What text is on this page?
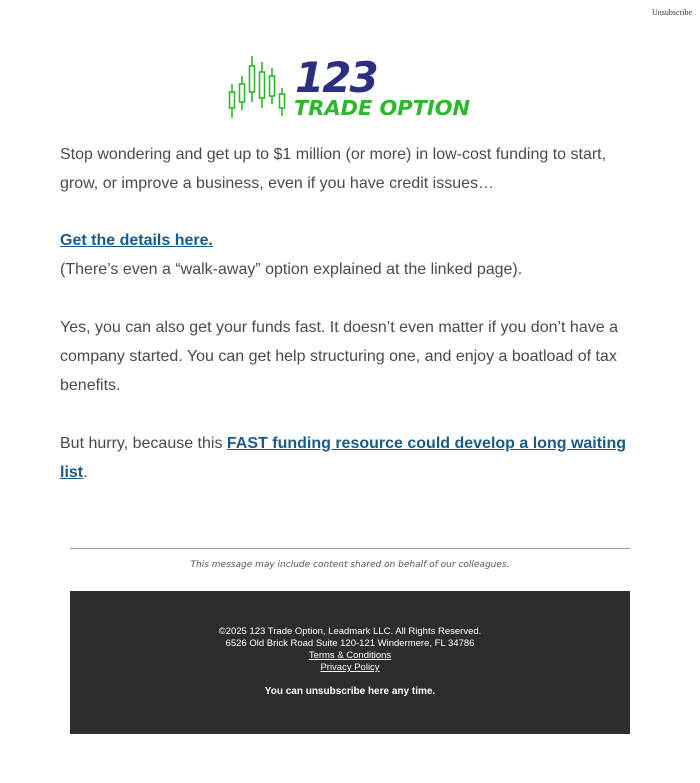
Unsubscribe
123
TRADE OPTION

Stop wondering and get up to $1 million (or more) in low-cost funding to start, grow, or improve a business, even if you have credit issues…

Get the details here.
(There’s even a “walk-away” option explained at the linked page).

Yes, you can also get your funds fast. It doesn’t even matter if you don’t have a company started. You can get help structuring one, and enjoy a boatload of tax benefits.

But hurry, because this FAST funding resource could develop a long waiting list.

This message may include content shared on behalf of our colleagues.
©2025 123 Trade Option, Leadmark LLC. All Rights Reserved.
6526 Old Brick Road Suite 120-121 Windermere, FL 34786
Terms & Conditions
Privacy Policy
You can unsubscribe here any time.
